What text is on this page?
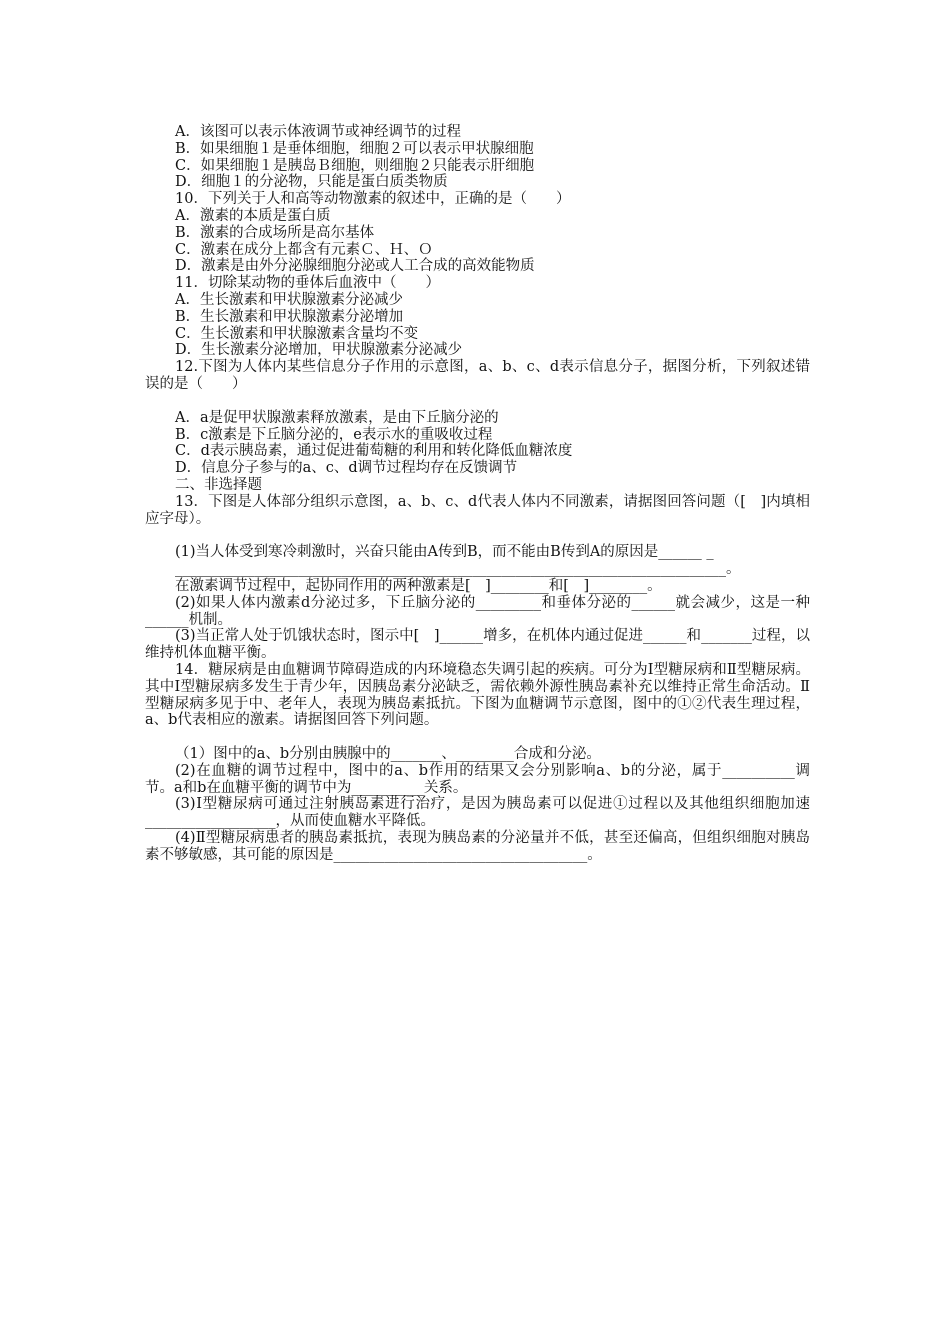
A．该图可以表示体液调节或神经调节的过程
B．如果细胞１是垂体细胞，细胞２可以表示甲状腺细胞
C．如果细胞１是胰岛Ｂ细胞，则细胞２只能表示肝细胞
D．细胞１的分泌物，只能是蛋白质类物质
10．下列关于人和高等动物激素的叙述中，正确的是（　　）
A．激素的本质是蛋白质
B．激素的合成场所是高尔基体
C．激素在成分上都含有元素Ｃ、Ｈ、Ｏ
D．激素是由外分泌腺细胞分泌或人工合成的高效能物质
11．切除某动物的垂体后血液中（　　）
A．生长激素和甲状腺激素分泌减少
B．生长激素和甲状腺激素分泌增加
C．生长激素和甲状腺激素含量均不变
D．生长激素分泌增加，甲状腺激素分泌减少
12.下图为人体内某些信息分子作用的示意图，a、b、c、d表示信息分子，据图分析，下列叙述错误的是（　　）
A．a是促甲状腺激素释放激素，是由下丘脑分泌的
B．c激素是下丘脑分泌的，e表示水的重吸收过程
C．d表示胰岛素，通过促进葡萄糖的利用和转化降低血糖浓度
D．信息分子参与的a、c、d调节过程均存在反馈调节
二、非选择题
13．下图是人体部分组织示意图，a、b、c、d代表人体内不同激素，请据图回答问题（[　]内填相应字母）。
(1)当人体受到寒冷刺激时，兴奋只能由A传到B，而不能由B传到A的原因是______ _
____________________________________________________________________________。
在激素调节过程中，起协同作用的两种激素是[　]________和[　]________。
(2)如果人体内激素d分泌过多，下丘脑分泌的_________和垂体分泌的______就会减少，这是一种______机制。
(3)当正常人处于饥饿状态时，图示中[　]______增多，在机体内通过促进______和_______过程，以维持机体血糖平衡。
14．糖尿病是由血糖调节障碍造成的内环境稳态失调引起的疾病。可分为Ⅰ型糖尿病和Ⅱ型糖尿病。其中Ⅰ型糖尿病多发生于青少年，因胰岛素分泌缺乏，需依赖外源性胰岛素补充以维持正常生命活动。Ⅱ型糖尿病多见于中、老年人，表现为胰岛素抵抗。下图为血糖调节示意图，图中的①②代表生理过程，a、b代表相应的激素。请据图回答下列问题。
（1）图中的a、b分别由胰腺中的_______、________合成和分泌。
(2)在血糖的调节过程中，图中的a、b作用的结果又会分别影响a、b的分泌，属于__________调节。a和b在血糖平衡的调节中为__________关系。
(3)Ⅰ型糖尿病可通过注射胰岛素进行治疗，是因为胰岛素可以促进①过程以及其他组织细胞加速__________________，从而使血糖水平降低。
(4)Ⅱ型糖尿病患者的胰岛素抵抗，表现为胰岛素的分泌量并不低，甚至还偏高，但组织细胞对胰岛素不够敏感，其可能的原因是___________________________________。
